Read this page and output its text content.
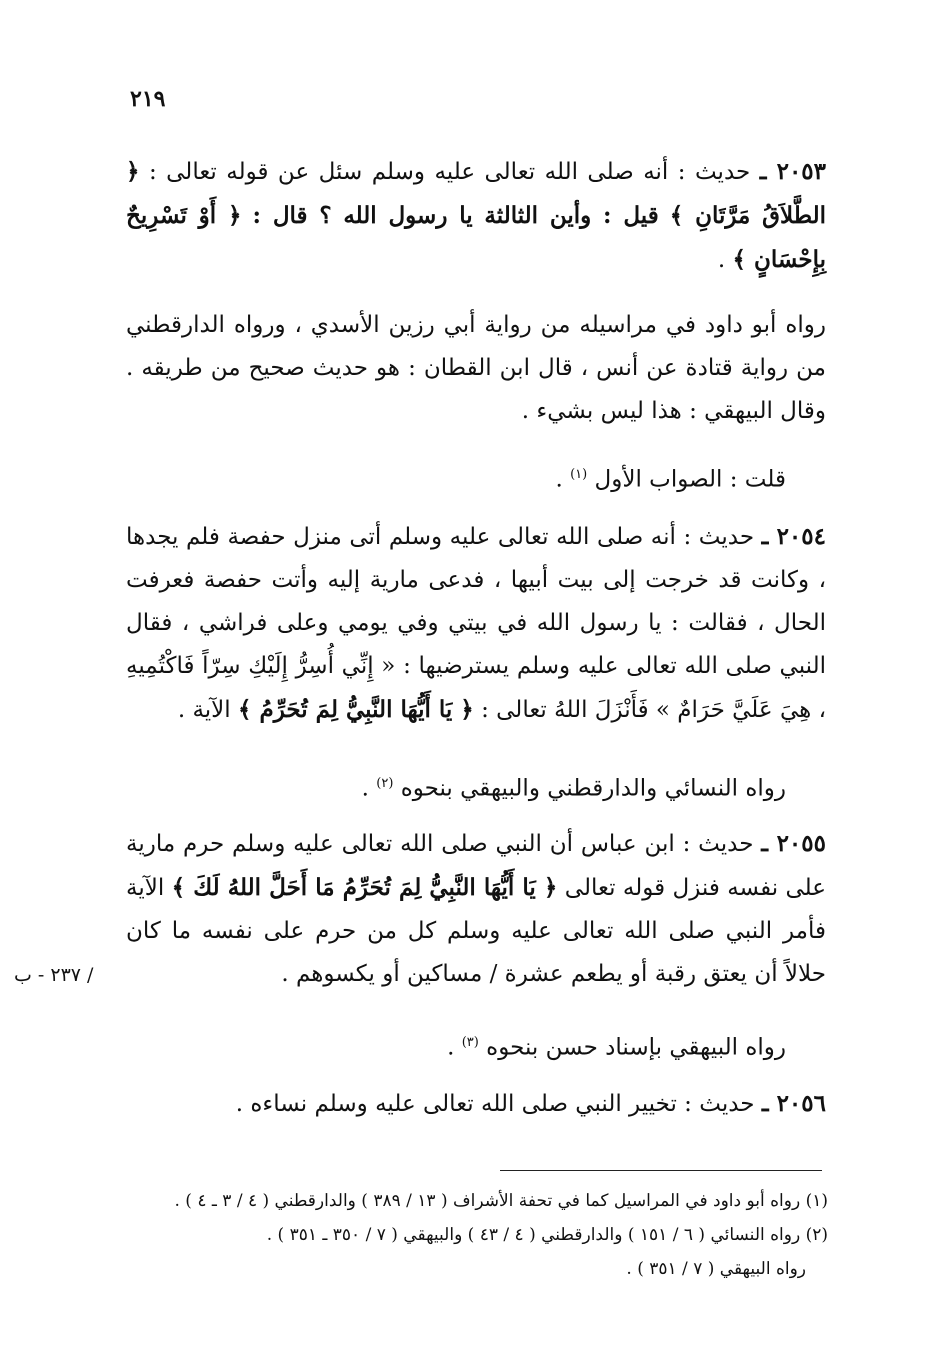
٢١٩
٢٠٥٣ ـ حديث : أنه صلى الله تعالى عليه وسلم سئل عن قوله تعالى : ﴿ الطَّلاَقُ مَرَّتَانِ ﴾ قيل : وأين الثالثة يا رسول الله ؟ قال : ﴿ أَوْ تَسْرِيحٌ بِإِحْسَانٍ ﴾ .
رواه أبو داود في مراسيله من رواية أبي رزين الأسدي ، ورواه الدارقطني من رواية قتادة عن أنس ، قال ابن القطان : هو حديث صحيح من طريقه . وقال البيهقي : هذا ليس بشيء .
قلت : الصواب الأول $^{(١)}$ .
٢٠٥٤ ـ حديث : أنه صلى الله تعالى عليه وسلم أتى منزل حفصة فلم يجدها ، وكانت قد خرجت إلى بيت أبيها ، فدعى مارية إليه وأتت حفصة فعرفت الحال ، فقالت : يا رسول الله في بيتي وفي يومي وعلى فراشي ، فقال النبي صلى الله تعالى عليه وسلم يسترضيها : « إِنِّي أُسِرُّ إِلَيْكِ سِرّاً فَاكْتُمِيهِ ، هِيَ عَلَيَّ حَرَامٌ » فَأَنْزَلَ اللهُ تعالى : ﴿ يَا أَيُّهَا النَّبِيُّ لِمَ تُحَرِّمُ ﴾ الآية .
رواه النسائي والدارقطني والبيهقي بنحوه $^{(٢)}$ .
٢٠٥٥ ـ حديث : ابن عباس أن النبي صلى الله تعالى عليه وسلم حرم مارية على نفسه فنزل قوله تعالى ﴿ يَا أَيُّهَا النَّبِيُّ لِمَ تُحَرِّمُ مَا أَحَلَّ اللهُ لَكَ ﴾ الآية فأمر النبي صلى الله تعالى عليه وسلم كل من حرم على نفسه ما كان حلالاً أن يعتق رقبة أو يطعم عشرة / مساكين أو يكسوهم .
/ ٢٣٧ - ب
رواه البيهقي بإسناد حسن بنحوه $^{(٣)}$ .
٢٠٥٦ ـ حديث : تخيير النبي صلى الله تعالى عليه وسلم نساءه .
(١) رواه أبو داود في المراسيل كما في تحفة الأشراف ( ١٣ / ٣٨٩ ) والدارقطني ( ٤ / ٣ ـ ٤ ) .
(٢) رواه النسائي ( ٦ / ١٥١ ) والدارقطني ( ٤ / ٤٣ ) والبيهقي ( ٧ / ٣٥٠ ـ ٣٥١ ) .
رواه البيهقي ( ٧ / ٣٥١ ) .
